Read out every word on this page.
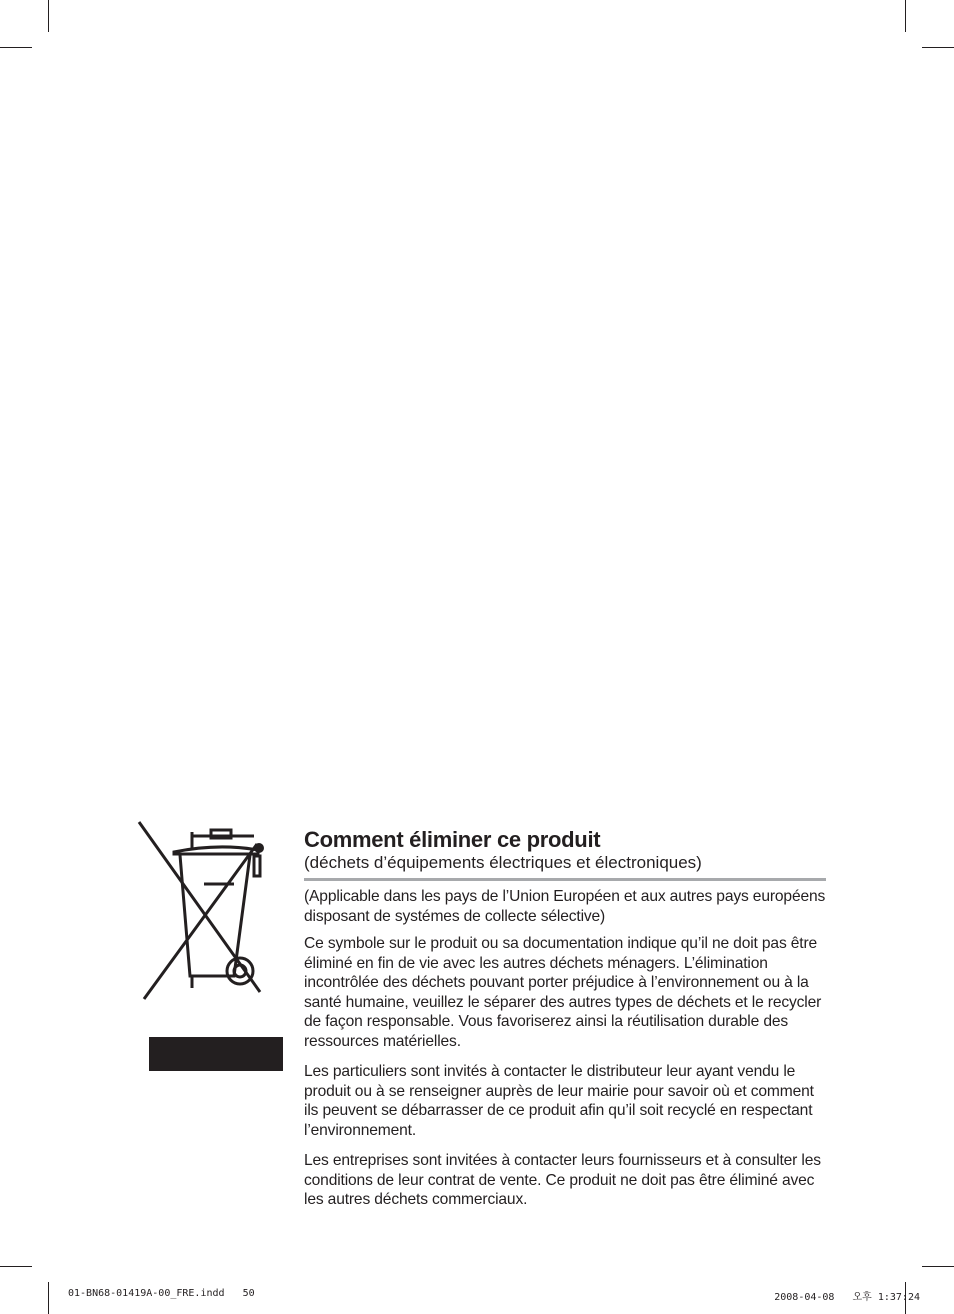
Comment éliminer ce produit
(déchets d’équipements électriques et électroniques)

(Applicable dans les pays de l’Union Européen et aux autres pays européens disposant de systémes de collecte sélective)

Ce symbole sur le produit ou sa documentation indique qu’il ne doit pas être éliminé en fin de vie avec les autres déchets ménagers. L’élimination incontrôlée des déchets pouvant porter préjudice à l’environnement ou à la santé humaine, veuillez le séparer des autres types de déchets et le recycler de façon responsable. Vous favoriserez ainsi la réutilisation durable des ressources matérielles.

Les particuliers sont invités à contacter le distributeur leur ayant vendu le produit ou à se renseigner auprès de leur mairie pour savoir où et comment ils peuvent se débarrasser de ce produit afin qu’il soit recyclé en respectant l’environnement.

Les entreprises sont invitées à contacter leurs fournisseurs et à consulter les conditions de leur contrat de vente. Ce produit ne doit pas être éliminé avec les autres déchets commerciaux.

01-BN68-01419A-00_FRE.indd   50	2008-04-08   오후 1:37:24
